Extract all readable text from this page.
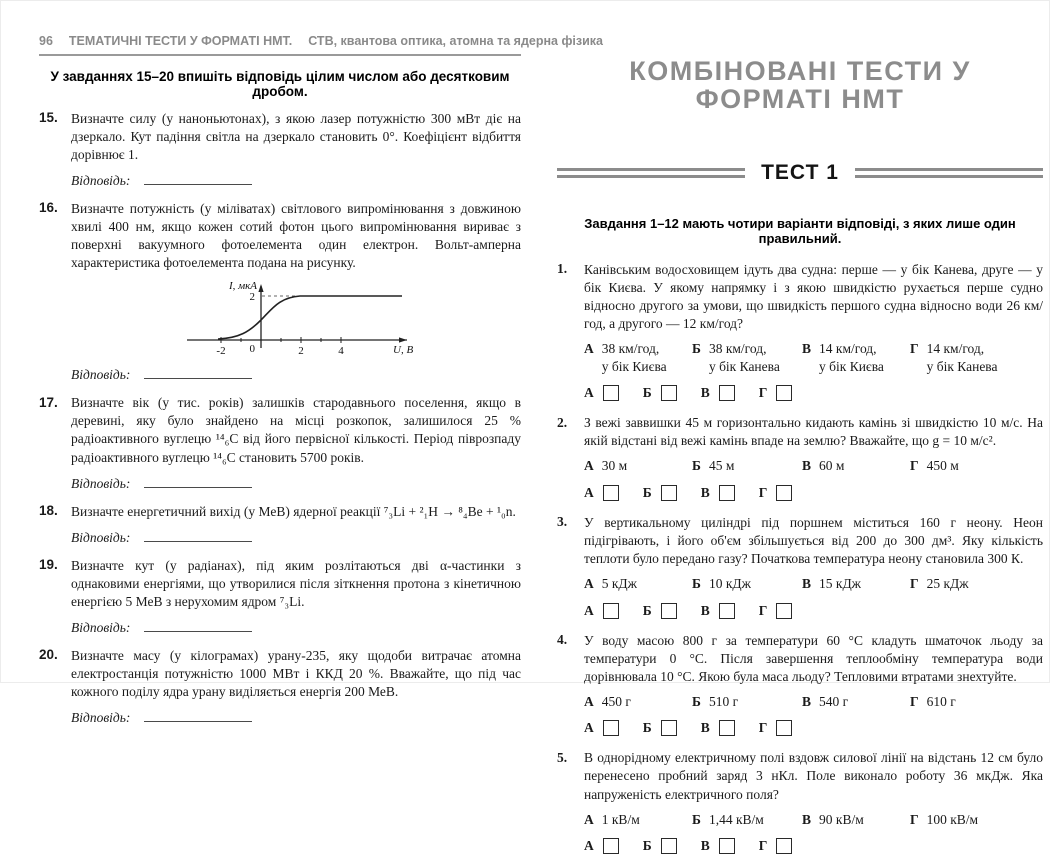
96 ТЕМАТИЧНІ ТЕСТИ У ФОРМАТІ НМТ. СТВ, квантова оптика, атомна та ядерна фізика
У завданнях 15–20 впишіть відповідь цілим числом або десятковим дробом.
15. Визначте силу (у наноньютонах), з якою лазер потужністю 300 мВт діє на дзеркало. Кут падіння світла на дзеркало становить 0°. Коефіцієнт відбиття дорівнює 1.

Відповідь:
16. Визначте потужність (у міліватах) світлового випромінювання з довжиною хвилі 400 нм, якщо кожен сотий фотон цього випромінювання вириває з поверхні вакуумного фотоелемента один електрон. Вольт-амперна характеристика фотоелемента подана на рисунку.

I, мкА
U, В
2
-2 0	2	4
Відповідь:
17. Визначте вік (у тис. років) залишків стародавнього поселення, якщо в деревині, яку було знайдено на місці розкопок, залишилося 25 % радіоактивного вуглецю ¹⁴₆C від його первісної кількості. Період піврозпаду радіоактивного вуглецю ¹⁴₆C становить 5700 років.

Відповідь:
18. Визначте енергетичний вихід (у МеВ) ядерної реакції ⁷₃Li + ²₁H → ⁸₄Be + ¹₀n.

Відповідь:
19. Визначте кут (у радіанах), під яким розлітаються дві α-частинки з однаковими енергіями, що утворилися після зіткнення протона з кінетичною енергією 5 МеВ з нерухомим ядром ⁷₃Li.

Відповідь:
20. Визначте масу (у кілограмах) урану-235, яку щодоби витрачає атомна електростанція потужністю 1000 МВт і ККД 20 %. Вважайте, що під час кожного поділу ядра урану виділяється енергія 200 МеВ.

Відповідь:
КОМБІНОВАНІ ТЕСТИ У ФОРМАТІ НМТ
ТЕСТ 1
Завдання 1–12 мають чотири варіанти відповіді, з яких лише один правильний.
1.	Канівським водосховищем ідуть два судна: перше — у бік Канева, друге — у бік Києва. У якому напрямку і з якою швидкістю рухається перше судно відносно другого за умови, що швидкість першого судна відносно води 26 км/год, а другого — 12 км/год?

А 38 км/год,
у бік Києва
Б 38 км/год,
у бік Канева
В 14 км/год,
у бік Києва
Г 14 км/год,
у бік Канева
А	Б	В	Г
2.	З вежі заввишки 45 м горизонтально кидають камінь зі швидкістю 10 м/с. На якій відстані від вежі камінь впаде на землю? Вважайте, що g = 10 м/с².

А 30 м	Б 45 м	В 60 м	Г 450 м
А	Б	В	Г
3.	У вертикальному циліндрі під поршнем міститься 160 г неону. Неон підігрівають, і його об'єм збільшується від 200 до 300 дм³. Яку кількість теплоти було передано газу? Початкова температура неону становила 300 К.

А 5 кДж	Б 10 кДж	В 15 кДж	Г 25 кДж
А	Б	В	Г
4.	У воду масою 800 г за температури 60 °С кладуть шматочок льоду за температури 0 °С. Після завершення теплообміну температура води дорівнювала 10 °С. Якою була маса льоду? Тепловими втратами знехтуйте.

А 450 г	Б 510 г	В 540 г	Г 610 г
А	Б	В	Г
5.	В однорідному електричному полі вздовж силової лінії на відстань 12 см було перенесено пробний заряд 3 нКл. Поле виконало роботу 36 мкДж. Яка напруженість електричного поля?

А 1 кВ/м	Б 1,44 кВ/м	В 90 кВ/м	Г 100 кВ/м
А	Б	В	Г
